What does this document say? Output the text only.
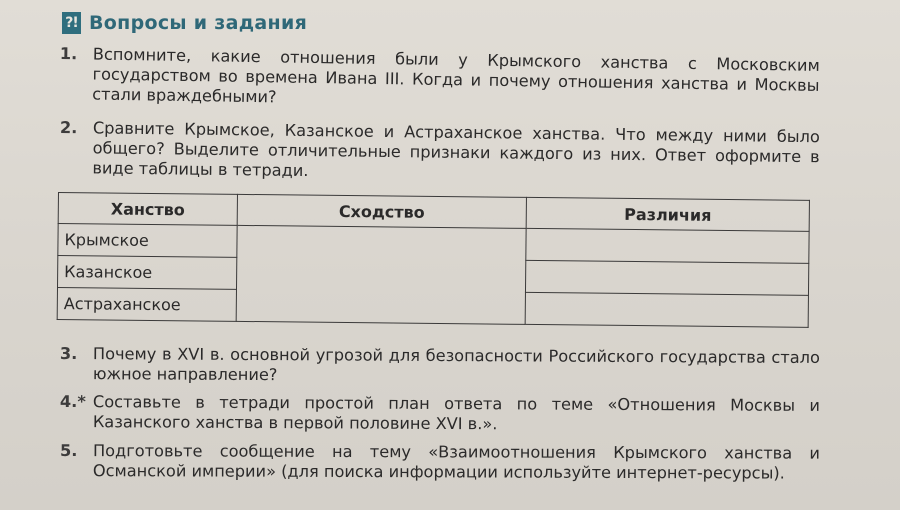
?! Вопросы и задания
1. Вспомните, какие отношения были у Крымского ханства с Московским государством во времена Ивана III. Когда и почему отношения ханства и Москвы стали враждебными?
2. Сравните Крымское, Казанское и Астраханское ханства. Что между ними было общего? Выделите отличительные признаки каждого из них. Ответ оформите в виде таблицы в тетради.
Ханство	Сходство	Различия
Крымское		
Казанское		
Астраханское		
3. Почему в XVI в. основной угрозой для безопасности Российского государства стало южное направление?
4.* Составьте в тетради простой план ответа по теме «Отношения Москвы и Казанского ханства в первой половине XVI в.».
5. Подготовьте сообщение на тему «Взаимоотношения Крымского ханства и Османской империи» (для поиска информации используйте интернет-ресурсы).
